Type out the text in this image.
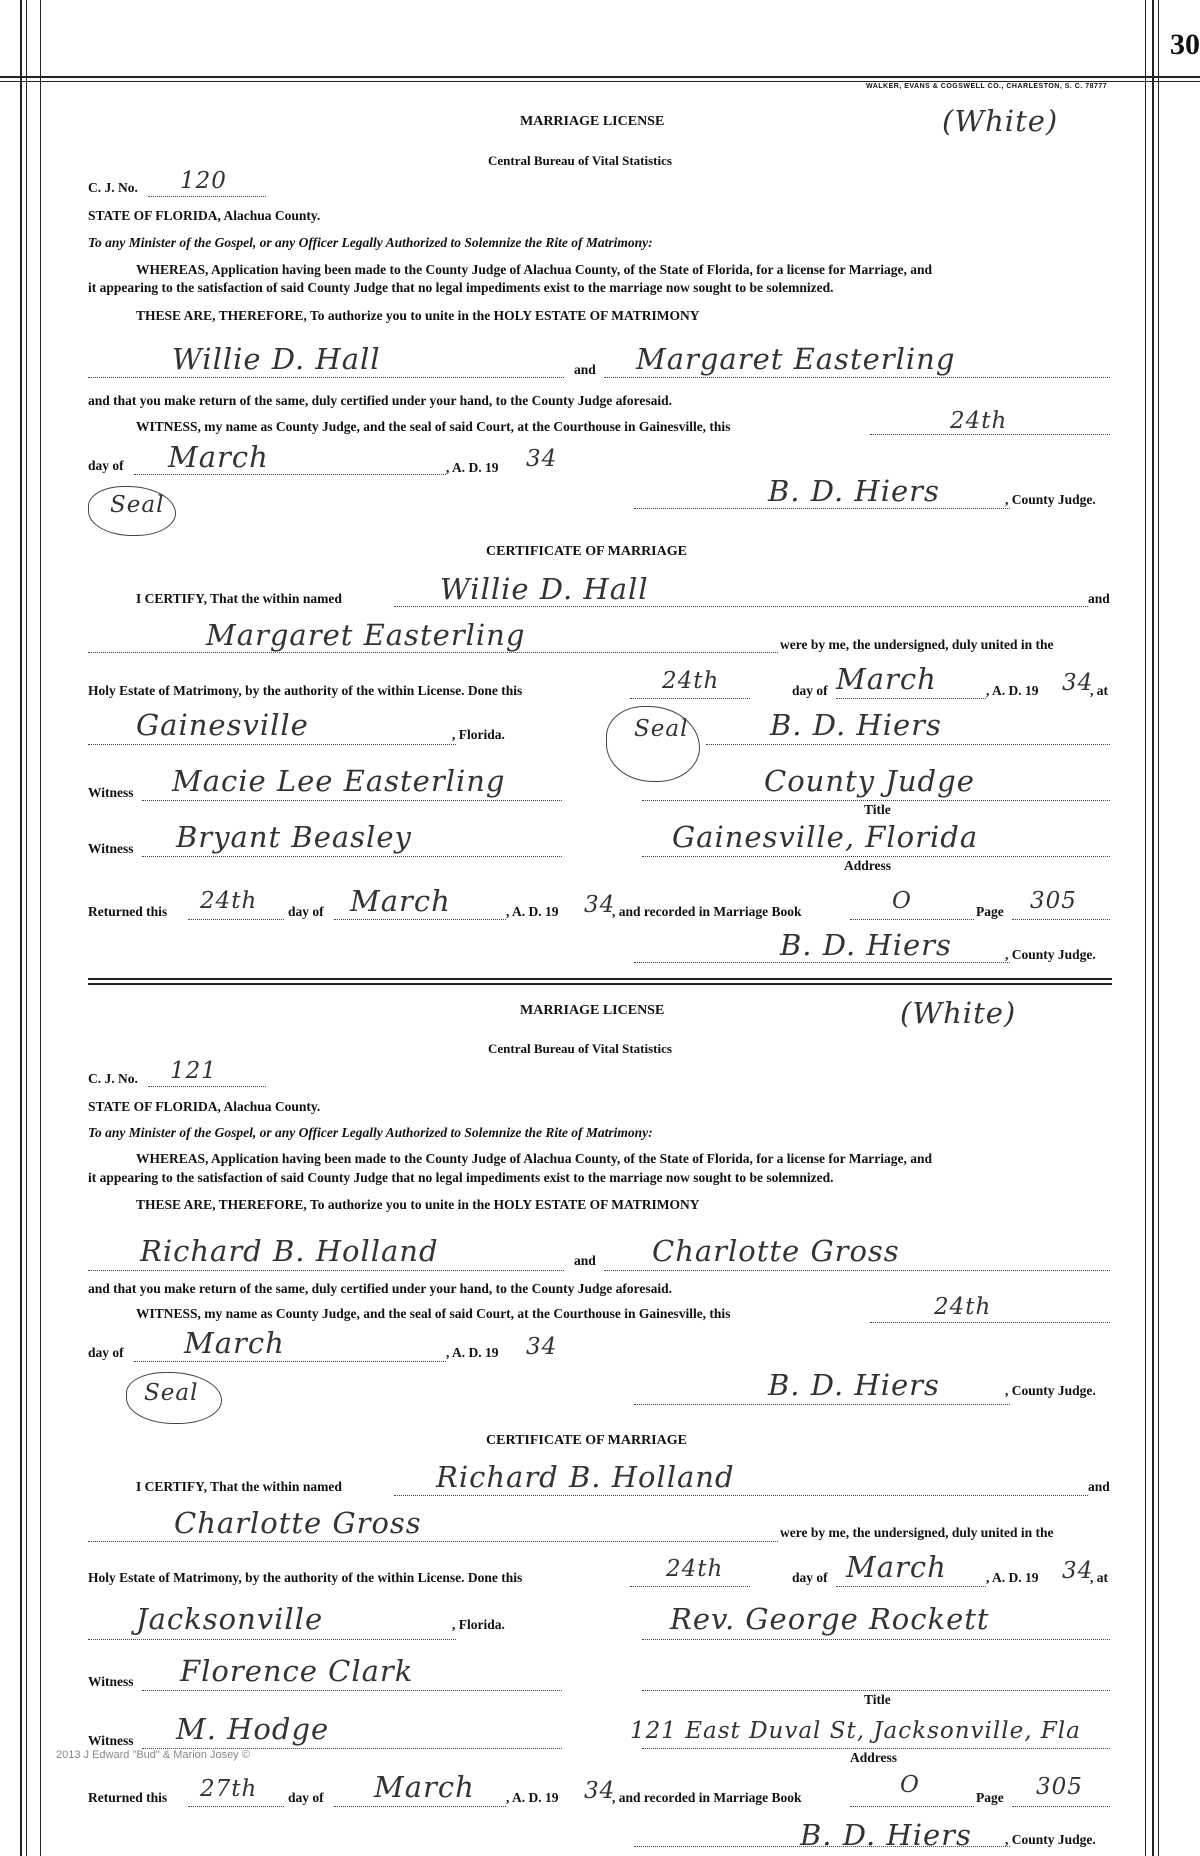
30
WALKER, EVANS & COGSWELL CO., CHARLESTON, S. C. 78777
(White)
MARRIAGE LICENSE
Central Bureau of Vital Statistics
C. J. No. 120
STATE OF FLORIDA, Alachua County.
To any Minister of the Gospel, or any Officer Legally Authorized to Solemnize the Rite of Matrimony:
WHEREAS, Application having been made to the County Judge of Alachua County, of the State of Florida, for a license for Marriage, and
it appearing to the satisfaction of said County Judge that no legal impediments exist to the marriage now sought to be solemnized.
THESE ARE, THEREFORE, To authorize you to unite in the HOLY ESTATE OF MATRIMONY
Willie D. Hall	and Margaret Easterling
and that you make return of the same, duly certified under your hand, to the County Judge aforesaid.
WITNESS, my name as County Judge, and the seal of said Court, at the Courthouse in Gainesville, this	24th
day of March	, A. D. 19 34
Seal	B. D. Hiers	, County Judge.
CERTIFICATE OF MARRIAGE
I CERTIFY, That the within named	Willie D. Hall	and
Margaret Easterling	were by me, the undersigned, duly united in the
Holy Estate of Matrimony, by the authority of the within License. Done this	24th	day of March	, A. D. 19 34
, at
Gainesville	, Florida.	Seal	B. D. Hiers
Witness Macie Lee Easterling	County Judge
Title
Witness Bryant Beasley	Gainesville, Florida
Address
Returned this 24th day of March	, A. D. 19 34
, and recorded in Marriage Book	O	Page 305
B. D. Hiers	, County Judge.
(White)
MARRIAGE LICENSE
Central Bureau of Vital Statistics
C. J. No. 121
STATE OF FLORIDA, Alachua County.
To any Minister of the Gospel, or any Officer Legally Authorized to Solemnize the Rite of Matrimony:
WHEREAS, Application having been made to the County Judge of Alachua County, of the State of Florida, for a license for Marriage, and
it appearing to the satisfaction of said County Judge that no legal impediments exist to the marriage now sought to be solemnized.
THESE ARE, THEREFORE, To authorize you to unite in the HOLY ESTATE OF MATRIMONY
Richard B. Holland	and Charlotte Gross
and that you make return of the same, duly certified under your hand, to the County Judge aforesaid.
WITNESS, my name as County Judge, and the seal of said Court, at the Courthouse in Gainesville, this	24th
day of March	, A. D. 19 34
Seal	B. D. Hiers	, County Judge.
CERTIFICATE OF MARRIAGE
I CERTIFY, That the within named	Richard B. Holland	and
Charlotte Gross	were by me, the undersigned, duly united in the
Holy Estate of Matrimony, by the authority of the within License. Done this	24th	day of March	, A. D. 19 34
, at
Jacksonville	, Florida.	Rev. George Rockett
Witness Florence Clark
Title
Witness M. Hodge	121 East Duval St, Jacksonville, Fla
Address
2013 J Edward "Bud" & Marion Josey ©
Returned this 27th day of March , A. D. 19 34
, and recorded in Marriage Book	O	Page 305
B. D. Hiers , County Judge.
